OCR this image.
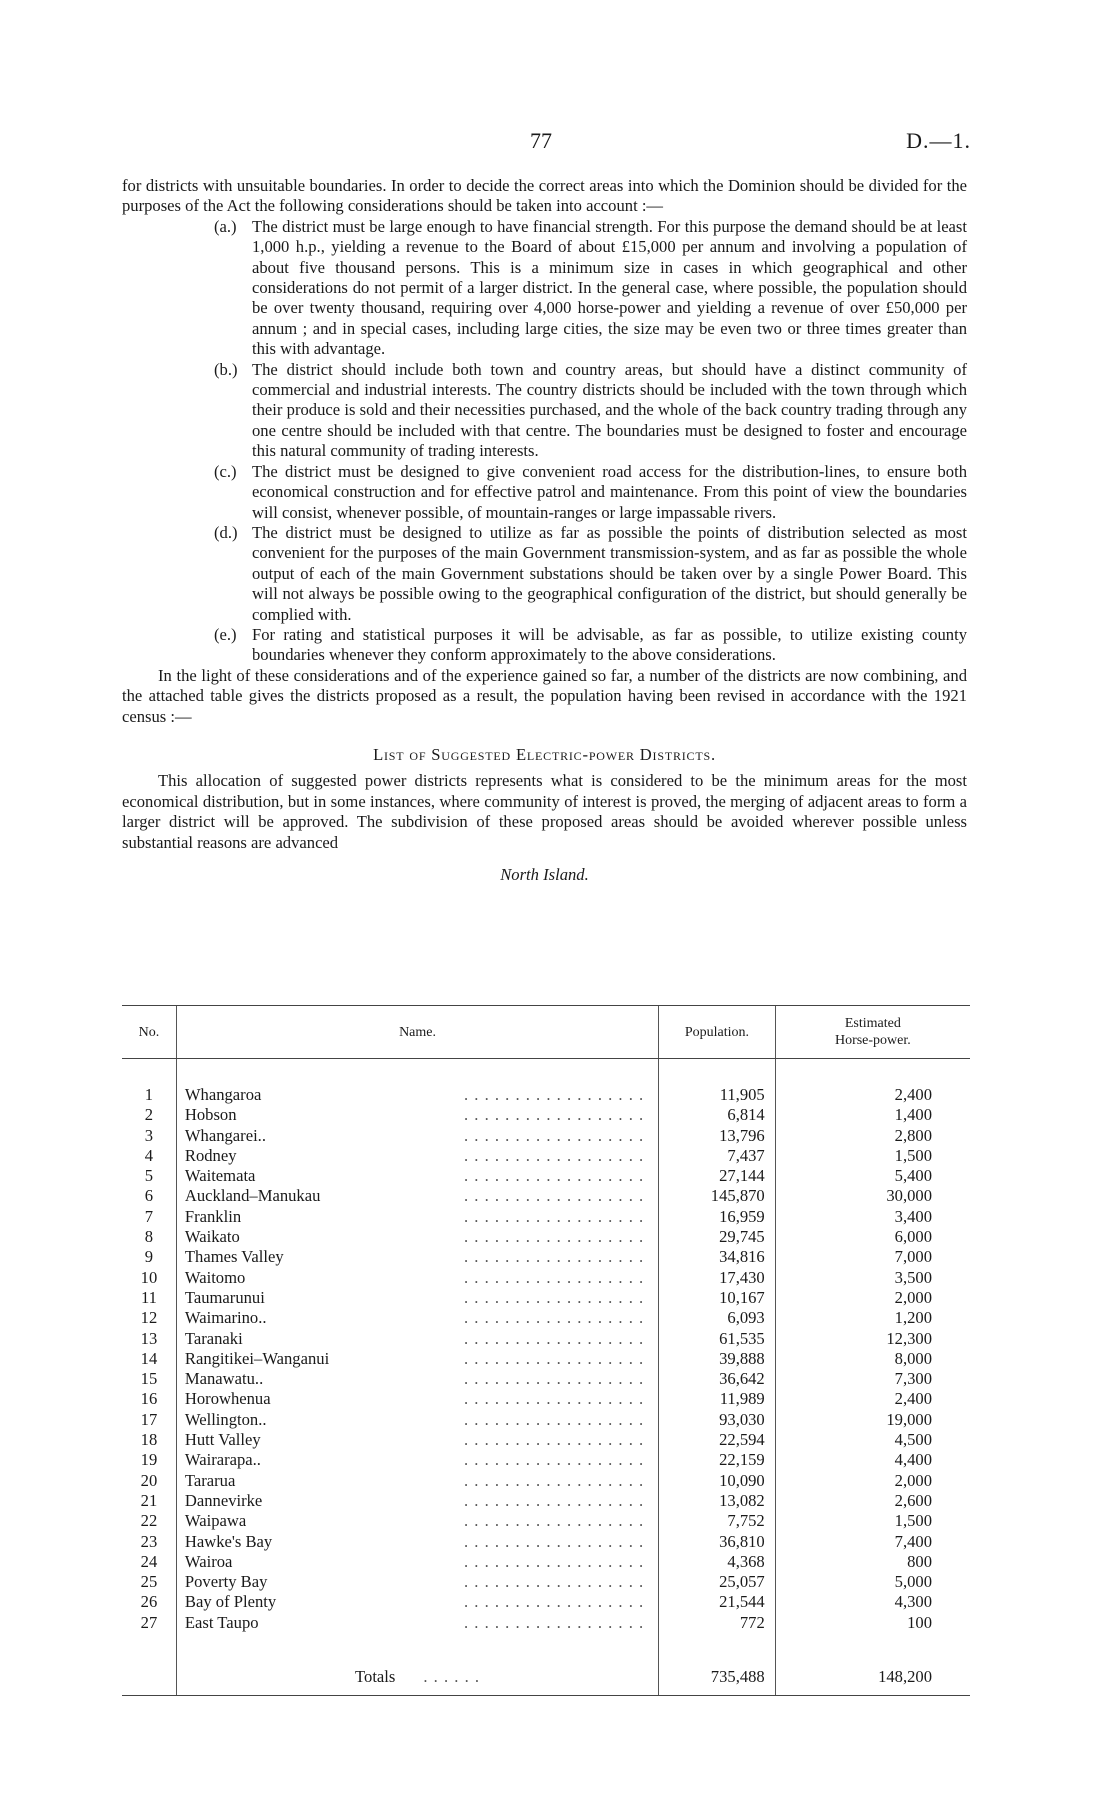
77	D.—1.

for districts with unsuitable boundaries. In order to decide the correct areas into which the Dominion should be divided for the purposes of the Act the following considerations should be taken into account :—

(a.) The district must be large enough to have financial strength. For this purpose the demand should be at least 1,000 h.p., yielding a revenue to the Board of about £15,000 per annum and involving a population of about five thousand persons. This is a minimum size in cases in which geographical and other considerations do not permit of a larger district. In the general case, where possible, the population should be over twenty thousand, requiring over 4,000 horse-power and yielding a revenue of over £50,000 per annum ; and in special cases, including large cities, the size may be even two or three times greater than this with advantage.

(b.) The district should include both town and country areas, but should have a distinct community of commercial and industrial interests. The country districts should be included with the town through which their produce is sold and their necessities purchased, and the whole of the back country trading through any one centre should be included with that centre. The boundaries must be designed to foster and encourage this natural community of trading interests.

(c.) The district must be designed to give convenient road access for the distribution-lines, to ensure both economical construction and for effective patrol and maintenance. From this point of view the boundaries will consist, whenever possible, of mountain-ranges or large impassable rivers.

(d.) The district must be designed to utilize as far as possible the points of distribution selected as most convenient for the purposes of the main Government transmission-system, and as far as possible the whole output of each of the main Government substations should be taken over by a single Power Board. This will not always be possible owing to the geographical configuration of the district, but should generally be complied with.

(e.) For rating and statistical purposes it will be advisable, as far as possible, to utilize existing county boundaries whenever they conform approximately to the above considerations.

In the light of these considerations and of the experience gained so far, a number of the districts are now combining, and the attached table gives the districts proposed as a result, the population having been revised in accordance with the 1921 census :—

List of Suggested Electric-power Districts.

This allocation of suggested power districts represents what is considered to be the minimum areas for the most economical distribution, but in some instances, where community of interest is proved, the merging of adjacent areas to form a larger district will be approved. The subdivision of these proposed areas should be avoided wherever possible unless substantial reasons are advanced

North Island.

No.	Name.	Population.	Estimated
Horse-power.

1	Whangaroa . . . . . . . . . . . . . . . . . .	11,905	2,400
2	Hobson . . . . . . . . . . . . . . . . . .	6,814	1,400
3	Whangarei.. . . . . . . . . . . . . . . . . . .	13,796	2,800
4	Rodney . . . . . . . . . . . . . . . . . .	7,437	1,500
5	Waitemata . . . . . . . . . . . . . . . . . .	27,144	5,400
6	Auckland–Manukau . . . . . . . . . . . . . . . . . .	145,870	30,000
7	Franklin . . . . . . . . . . . . . . . . . .	16,959	3,400
8	Waikato . . . . . . . . . . . . . . . . . .	29,745	6,000
9	Thames Valley . . . . . . . . . . . . . . . . . .	34,816	7,000
10	Waitomo . . . . . . . . . . . . . . . . . .	17,430	3,500
11	Taumarunui . . . . . . . . . . . . . . . . . .	10,167	2,000
12	Waimarino.. . . . . . . . . . . . . . . . . . .	6,093	1,200
13	Taranaki . . . . . . . . . . . . . . . . . .	61,535	12,300
14	Rangitikei–Wanganui . . . . . . . . . . . . . . . . . .	39,888	8,000
15	Manawatu.. . . . . . . . . . . . . . . . . . .	36,642	7,300
16	Horowhenua . . . . . . . . . . . . . . . . . .	11,989	2,400
17	Wellington.. . . . . . . . . . . . . . . . . . .	93,030	19,000
18	Hutt Valley . . . . . . . . . . . . . . . . . .	22,594	4,500
19	Wairarapa.. . . . . . . . . . . . . . . . . . .	22,159	4,400
20	Tararua . . . . . . . . . . . . . . . . . .	10,090	2,000
21	Dannevirke . . . . . . . . . . . . . . . . . .	13,082	2,600
22	Waipawa . . . . . . . . . . . . . . . . . .	7,752	1,500
23	Hawke's Bay . . . . . . . . . . . . . . . . . .	36,810	7,400
24	Wairoa . . . . . . . . . . . . . . . . . .	4,368	800
25	Poverty Bay . . . . . . . . . . . . . . . . . .	25,057	5,000
26	Bay of Plenty . . . . . . . . . . . . . . . . . .	21,544	4,300
27	East Taupo . . . . . . . . . . . . . . . . . .	772	100

	Totals . . . . . .	735,488	148,200
